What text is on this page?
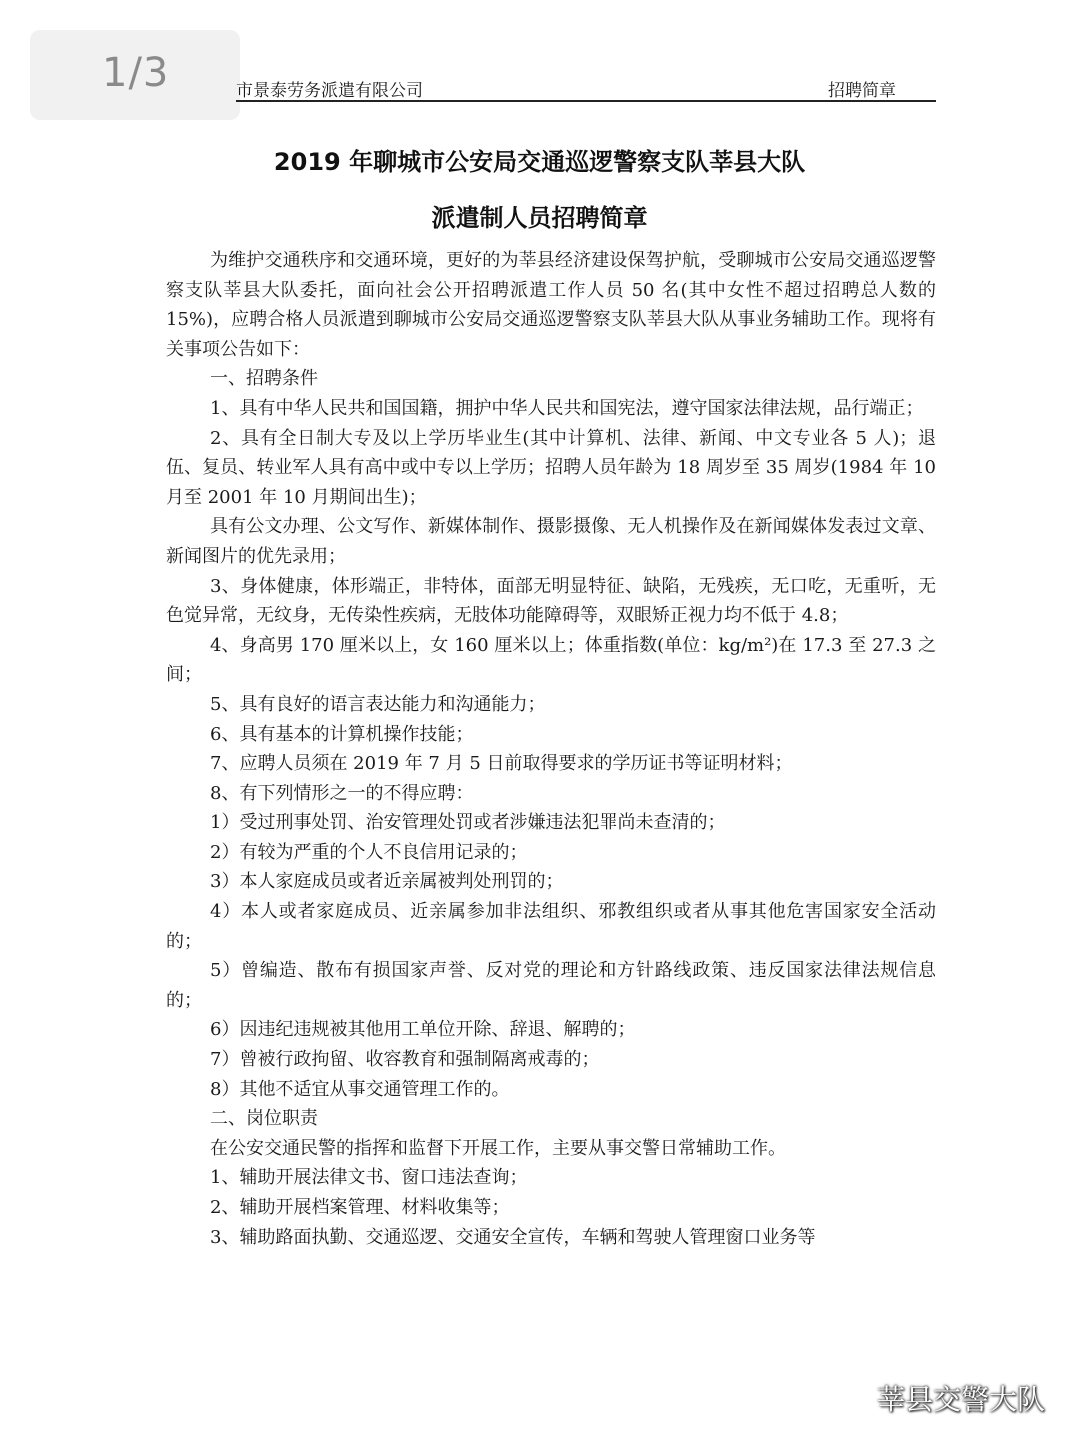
1/3	市景泰劳务派遣有限公司	招聘简章
2019 年聊城市公安局交通巡逻警察支队莘县大队
派遣制人员招聘简章

为维护交通秩序和交通环境，更好的为莘县经济建设保驾护航，受聊城市公安局交通巡逻警察支队莘县大队委托，面向社会公开招聘派遣工作人员 50 名(其中女性不超过招聘总人数的 15%)，应聘合格人员派遣到聊城市公安局交通巡逻警察支队莘县大队从事业务辅助工作。现将有关事项公告如下：

一、招聘条件

1、具有中华人民共和国国籍，拥护中华人民共和国宪法，遵守国家法律法规，品行端正；

2、具有全日制大专及以上学历毕业生(其中计算机、法律、新闻、中文专业各 5 人)；退伍、复员、转业军人具有高中或中专以上学历；招聘人员年龄为 18 周岁至 35 周岁(1984 年 10 月至 2001 年 10 月期间出生)；

具有公文办理、公文写作、新媒体制作、摄影摄像、无人机操作及在新闻媒体发表过文章、新闻图片的优先录用；

3、身体健康，体形端正，非特体，面部无明显特征、缺陷，无残疾，无口吃，无重听，无色觉异常，无纹身，无传染性疾病，无肢体功能障碍等，双眼矫正视力均不低于 4.8；

4、身高男 170 厘米以上，女 160 厘米以上；体重指数(单位：kg/m²)在 17.3 至 27.3 之间；

5、具有良好的语言表达能力和沟通能力；

6、具有基本的计算机操作技能；

7、应聘人员须在 2019 年 7 月 5 日前取得要求的学历证书等证明材料；

8、有下列情形之一的不得应聘：

1）受过刑事处罚、治安管理处罚或者涉嫌违法犯罪尚未查清的；

2）有较为严重的个人不良信用记录的；

3）本人家庭成员或者近亲属被判处刑罚的；

4）本人或者家庭成员、近亲属参加非法组织、邪教组织或者从事其他危害国家安全活动的；

5）曾编造、散布有损国家声誉、反对党的理论和方针路线政策、违反国家法律法规信息的；

6）因违纪违规被其他用工单位开除、辞退、解聘的；

7）曾被行政拘留、收容教育和强制隔离戒毒的；

8）其他不适宜从事交通管理工作的。

二、岗位职责

在公安交通民警的指挥和监督下开展工作，主要从事交警日常辅助工作。

1、辅助开展法律文书、窗口违法查询；

2、辅助开展档案管理、材料收集等；

3、辅助路面执勤、交通巡逻、交通安全宣传，车辆和驾驶人管理窗口业务等

莘县交警大队
